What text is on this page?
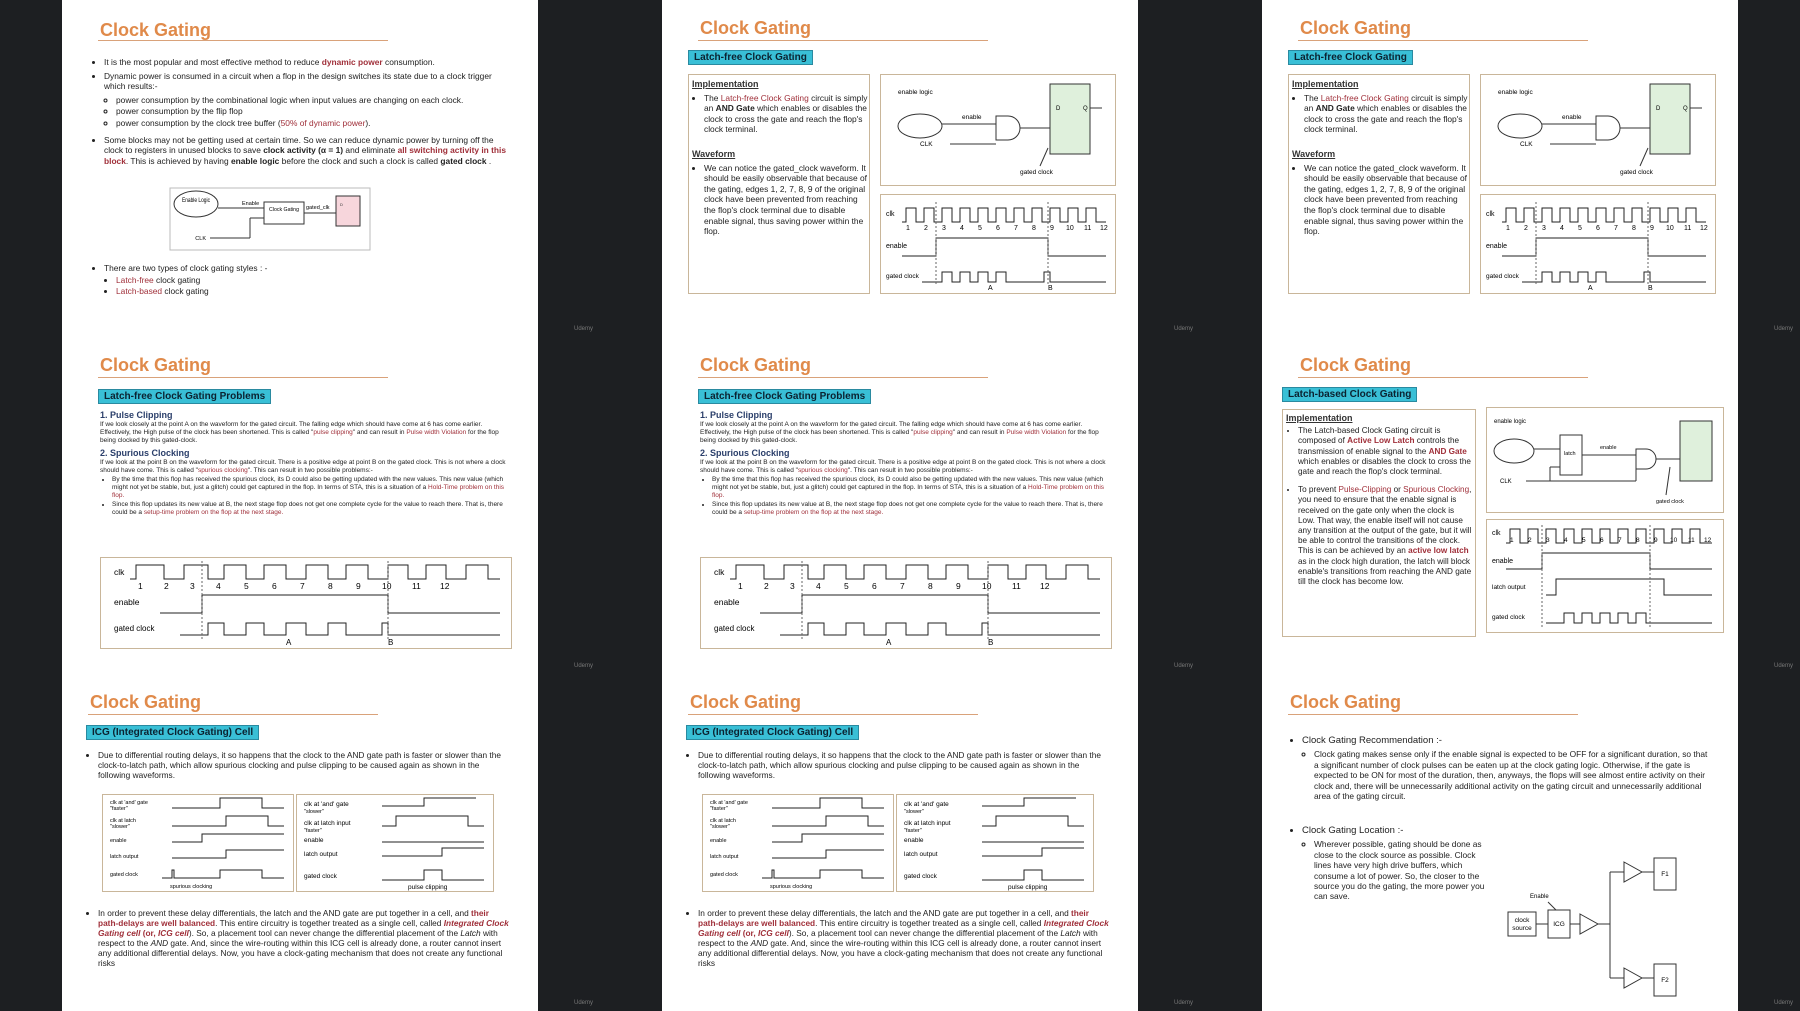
Clock Gating
• It is the most popular and most effective method to reduce dynamic power consumption.
• Dynamic power is consumed in a circuit when a flop in the design switches its state due to a clock trigger which results:-
◦ power consumption by the combinational logic when input values are changing on each clock.
◦ power consumption by the flip flop
◦ power consumption by the clock tree buffer (50% of dynamic power).
• Some blocks may not be getting used at certain time. So we can reduce dynamic power by turning off the clock to registers in unused blocks to save clock activity (α = 1) and eliminate all switching activity in this block. This is achieved by having enable logic before the clock and such a clock is called gated clock .
Enable Logic	Enable
Clock Gating gated_clk
D
CLK
• There are two types of clock gating styles : -
• Latch-free clock gating
• Latch-based clock gating
Udemy
Clock Gating
Latch-free Clock Gating
Implementation
• The Latch-free Clock Gating circuit is simply an AND Gate which enables or disables the clock to cross the gate and reach the flop's clock terminal.
Waveform
• We can notice the gated_clock waveform. It should be easily observable that because of the gating, edges 1, 2, 7, 8, 9 of the original clock have been prevented from reaching the flop's clock terminal due to disable enable signal, thus saving power within the flop.
enable logic
enable
CLK
D	Q
gated clock
clk
1 2 3 4 5 6 7 8 9 10 11 12
enable
gated clock
A	B
Udemy
Clock Gating
Latch-free Clock Gating
Implementation
• The Latch-free Clock Gating circuit is simply an AND Gate which enables or disables the clock to cross the gate and reach the flop's clock terminal.
Waveform
• We can notice the gated_clock waveform. It should be easily observable that because of the gating, edges 1, 2, 7, 8, 9 of the original clock have been prevented from reaching the flop's clock terminal due to disable enable signal, thus saving power within the flop.
enable logic
enable
CLK
D	Q
gated clock
clk
1 2 3 4 5 6 7 8 9 10 11 12
enable
gated clock
A	B
Udemy
Clock Gating
Latch-free Clock Gating Problems
1. Pulse Clipping

If we look closely at the point A on the waveform for the gated circuit. The falling edge which should have come at 6 has come earlier. Effectively, the High pulse of the clock has been shortened. This is called "pulse clipping" and can result in Pulse width Violation for the flop being clocked by this gated-clock.

2. Spurious Clocking

If we look at the point B on the waveform for the gated circuit. There is a positive edge at point B on the gated clock. This is not where a clock should have come. This is called "spurious clocking". This can result in two possible problems:-

• By the time that this flop has received the spurious clock, its D could also be getting updated with the new values. This new value (which might not yet be stable, but, just a glitch) could get captured in the flop. In terms of STA, this is a situation of a Hold-Time problem on this flop.
• Since this flop updates its new value at B, the next stage flop does not get one complete cycle for the value to reach there. That is, there could be a setup-time problem on the flop at the next stage.
clk
1	2	3	4	5	6	7	8	9	10 11 12
enable
gated clock
A	B
Udemy
Clock Gating
Latch-free Clock Gating Problems
1. Pulse Clipping

If we look closely at the point A on the waveform for the gated circuit. The falling edge which should have come at 6 has come earlier. Effectively, the High pulse of the clock has been shortened. This is called "pulse clipping" and can result in Pulse width Violation for the flop being clocked by this gated-clock.

2. Spurious Clocking

If we look at the point B on the waveform for the gated circuit. There is a positive edge at point B on the gated clock. This is not where a clock should have come. This is called "spurious clocking". This can result in two possible problems:-

• By the time that this flop has received the spurious clock, its D could also be getting updated with the new values. This new value (which might not yet be stable, but, just a glitch) could get captured in the flop. In terms of STA, this is a situation of a Hold-Time problem on this flop.
• Since this flop updates its new value at B, the next stage flop does not get one complete cycle for the value to reach there. That is, there could be a setup-time problem on the flop at the next stage.
clk
1	2	3	4	5	6	7	8	9	10 11 12
enable
gated clock
A	B
Udemy
Clock Gating
Latch-based Clock Gating
Implementation
• The Latch-based Clock Gating circuit is composed of Active Low Latch controls the transmission of enable signal to the AND Gate which enables or disables the clock to cross the gate and reach the flop's clock terminal.
• To prevent Pulse-Clipping or Spurious Clocking, you need to ensure that the enable signal is received on the gate only when the clock is Low. That way, the enable itself will not cause any transition at the output of the gate, but it will be able to control the transitions of the clock. This is can be achieved by an active low latch as in the clock high duration, the latch will block enable's transitions from reaching the AND gate till the clock has become low.
enable logic
latch
enable
CLK
gated clock
clk
1 2 3 4 5 6 7 8 9 10 11 12
enable
latch output
gated clock
Udemy
Clock Gating
ICG (Integrated Clock Gating) Cell
• Due to differential routing delays, it so happens that the clock to the AND gate path is faster or slower than the clock-to-latch path, which allow spurious clocking and pulse clipping to be caused again as shown in the following waveforms.
clk at 'and' gate
"faster"
clk at latch
"slower"
enable
latch output
gated clock
spurious clocking
clk at 'and' gate
"slower"
clk at latch input
"faster"
enable
latch output
gated clock
pulse clipping
• In order to prevent these delay differentials, the latch and the AND gate are put together in a cell, and their path-delays are well balanced. This entire circuitry is together treated as a single cell, called Integrated Clock Gating cell (or, ICG cell). So, a placement tool can never change the differential placement of the Latch with respect to the AND gate. And, since the wire-routing within this ICG cell is already done, a router cannot insert any additional differential delays. Now, you have a clock-gating mechanism that does not create any functional risks
Udemy
Clock Gating
ICG (Integrated Clock Gating) Cell
• Due to differential routing delays, it so happens that the clock to the AND gate path is faster or slower than the clock-to-latch path, which allow spurious clocking and pulse clipping to be caused again as shown in the following waveforms.
clk at 'and' gate
"faster"
clk at latch
"slower"
enable
latch output
gated clock
spurious clocking
clk at 'and' gate
"slower"
clk at latch input
"faster"
enable
latch output
gated clock
pulse clipping
• In order to prevent these delay differentials, the latch and the AND gate are put together in a cell, and their path-delays are well balanced. This entire circuitry is together treated as a single cell, called Integrated Clock Gating cell (or, ICG cell). So, a placement tool can never change the differential placement of the Latch with respect to the AND gate. And, since the wire-routing within this ICG cell is already done, a router cannot insert any additional differential delays. Now, you have a clock-gating mechanism that does not create any functional risks
Udemy
Clock Gating
• Clock Gating Recommendation :-
◦ Clock gating makes sense only if the enable signal is expected to be OFF for a significant duration, so that a significant number of clock pulses can be eaten up at the clock gating logic. Otherwise, if the gate is expected to be ON for most of the duration, then, anyways, the flops will see almost entire activity on their clock and, there will be unnecessarily additional activity on the gating circuit and unnecessarily additional area of the gating circuit.
• Clock Gating Location :-
◦ Wherever possible, gating should be done as close to the clock source as possible. Clock lines have very high drive buffers, which consume a lot of power. So, the closer to the source you do the gating, the more power you can save.
clock
source
ICG
Enable
F1
F2
Udemy
